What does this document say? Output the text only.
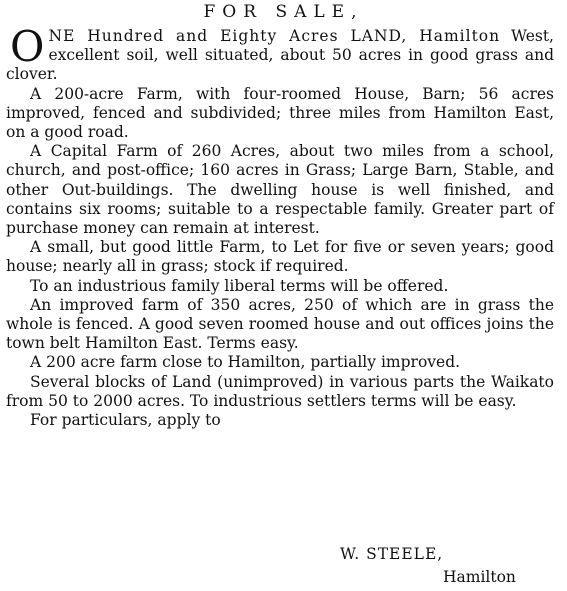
FOR SALE,

ONE Hundred and Eighty Acres LAND, Hamilton West, excellent soil, well situated, about 50 acres in good grass and clover.

A 200-acre Farm, with four-roomed House, Barn; 56 acres improved, fenced and subdivided; three miles from Hamilton East, on a good road.

A Capital Farm of 260 Acres, about two miles from a school, church, and post-office; 160 acres in Grass; Large Barn, Stable, and other Out-buildings. The dwelling house is well finished, and contains six rooms; suitable to a respectable family. Greater part of purchase money can remain at interest.

A small, but good little Farm, to Let for five or seven years; good house; nearly all in grass; stock if required.

To an industrious family liberal terms will be offered.

An improved farm of 350 acres, 250 of which are in grass the whole is fenced. A good seven roomed house and out offices joins the town belt Hamilton East. Terms easy.

A 200 acre farm close to Hamilton, partially improved.

Several blocks of Land (unimproved) in various parts the Waikato from 50 to 2000 acres. To industrious settlers terms will be easy.

For particulars, apply to

W. STEELE,
Hamilton
